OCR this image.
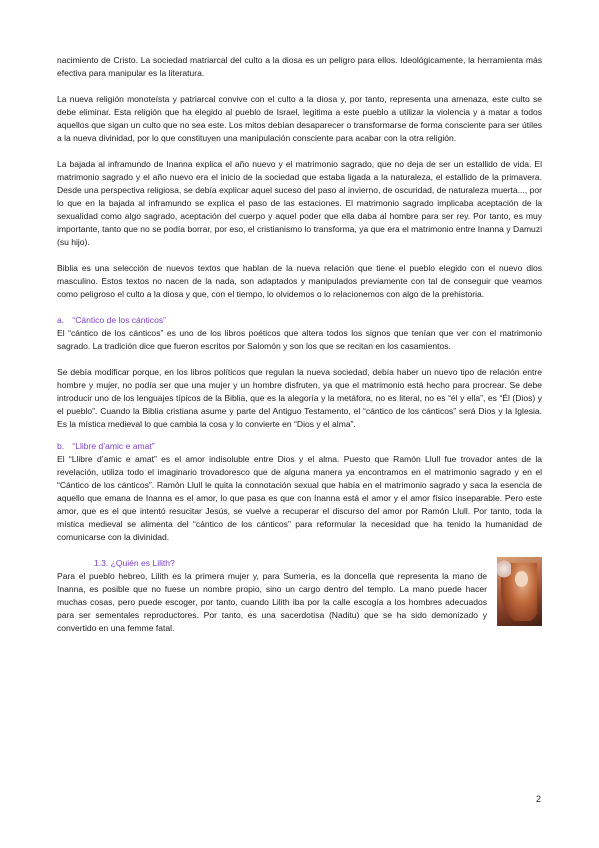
nacimiento de Cristo. La sociedad matriarcal del culto a la diosa es un peligro para ellos. Ideológicamente, la herramienta más efectiva para manipular es la literatura.

La nueva religión monoteísta y patriarcal convive con el culto a la diosa y, por tanto, representa una amenaza, este culto se debe eliminar. Esta religión que ha elegido al pueblo de Israel, legitima a este pueblo a utilizar la violencia y a matar a todos aquellos que sigan un culto que no sea este. Los mitos debían desaparecer o transformarse de forma consciente para ser útiles a la nueva divinidad, por lo que constituyen una manipulación consciente para acabar con la otra religión.

La bajada al inframundo de Inanna explica el año nuevo y el matrimonio sagrado, que no deja de ser un estallido de vida. El matrimonio sagrado y el año nuevo era el inicio de la sociedad que estaba ligada a la naturaleza, el estallido de la primavera. Desde una perspectiva religiosa, se debía explicar aquel suceso del paso al invierno, de oscuridad, de naturaleza muerta..., por lo que en la bajada al inframundo se explica el paso de las estaciones. El matrimonio sagrado implicaba aceptación de la sexualidad como algo sagrado, aceptación del cuerpo y aquel poder que ella daba al hombre para ser rey. Por tanto, es muy importante, tanto que no se podía borrar, por eso, el cristianismo lo transforma, ya que era el matrimonio entre Inanna y Damuzi (su hijo).

Biblia es una selección de nuevos textos que hablan de la nueva relación que tiene el pueblo elegido con el nuevo dios masculino. Estos textos no nacen de la nada, son adaptados y manipulados previamente con tal de conseguir que veamos como peligroso el culto a la diosa y que, con el tiempo, lo olvidemos o lo relacionemos con algo de la prehistoria.

a. “Cántico de los cánticos”

El “cántico de los cánticos” es uno de los libros poéticos que altera todos los signos que tenían que ver con el matrimonio sagrado. La tradición dice que fueron escritos por Salomón y son los que se recitan en los casamientos.

Se debía modificar porque, en los libros políticos que regulan la nueva sociedad, debía haber un nuevo tipo de relación entre hombre y mujer, no podía ser que una mujer y un hombre disfruten, ya que el matrimonio está hecho para procrear. Se debe introducir uno de los lenguajes típicos de la Biblia, que es la alegoría y la metáfora, no es literal, no es “él y ella”, es “Él (Dios) y el pueblo”. Cuando la Biblia cristiana asume y parte del Antiguo Testamento, el “cántico de los cánticos” será Dios y la Iglesia. Es la mística medieval lo que cambia la cosa y lo convierte en “Dios y el alma”.

b. “Llibre d’amic e amat”

El “Llibre d’amic e amat” es el amor indisoluble entre Dios y el alma. Puesto que Ramón Llull fue trovador antes de la revelación, utiliza todo el imaginario trovadoresco que de alguna manera ya encontramos en el matrimonio sagrado y en el “Cántico de los cánticos”. Ramón Llull le quita la connotación sexual que había en el matrimonio sagrado y saca la esencia de aquello que emana de Inanna es el amor, lo que pasa es que con Inanna está el amor y el amor físico inseparable. Pero este amor, que es el que intentó resucitar Jesús, se vuelve a recuperar el discurso del amor por Ramón Llull. Por tanto, toda la mística medieval se alimenta del “cántico de los cánticos” para reformular la necesidad que ha tenido la humanidad de comunicarse con la divinidad.

1.3. ¿Quién es Lilith?

Para el pueblo hebreo, Lilith es la primera mujer y, para Sumeria, es la doncella que representa la mano de Inanna, es posible que no fuese un nombre propio, sino un cargo dentro del templo. La mano puede hacer muchas cosas, pero puede escoger, por tanto, cuando Lilith iba por la calle escogía a los hombres adecuados para ser sementales reproductores. Por tanto, es una sacerdotisa (Naditu) que se ha sido demonizado y convertido en una femme fatal.

2
